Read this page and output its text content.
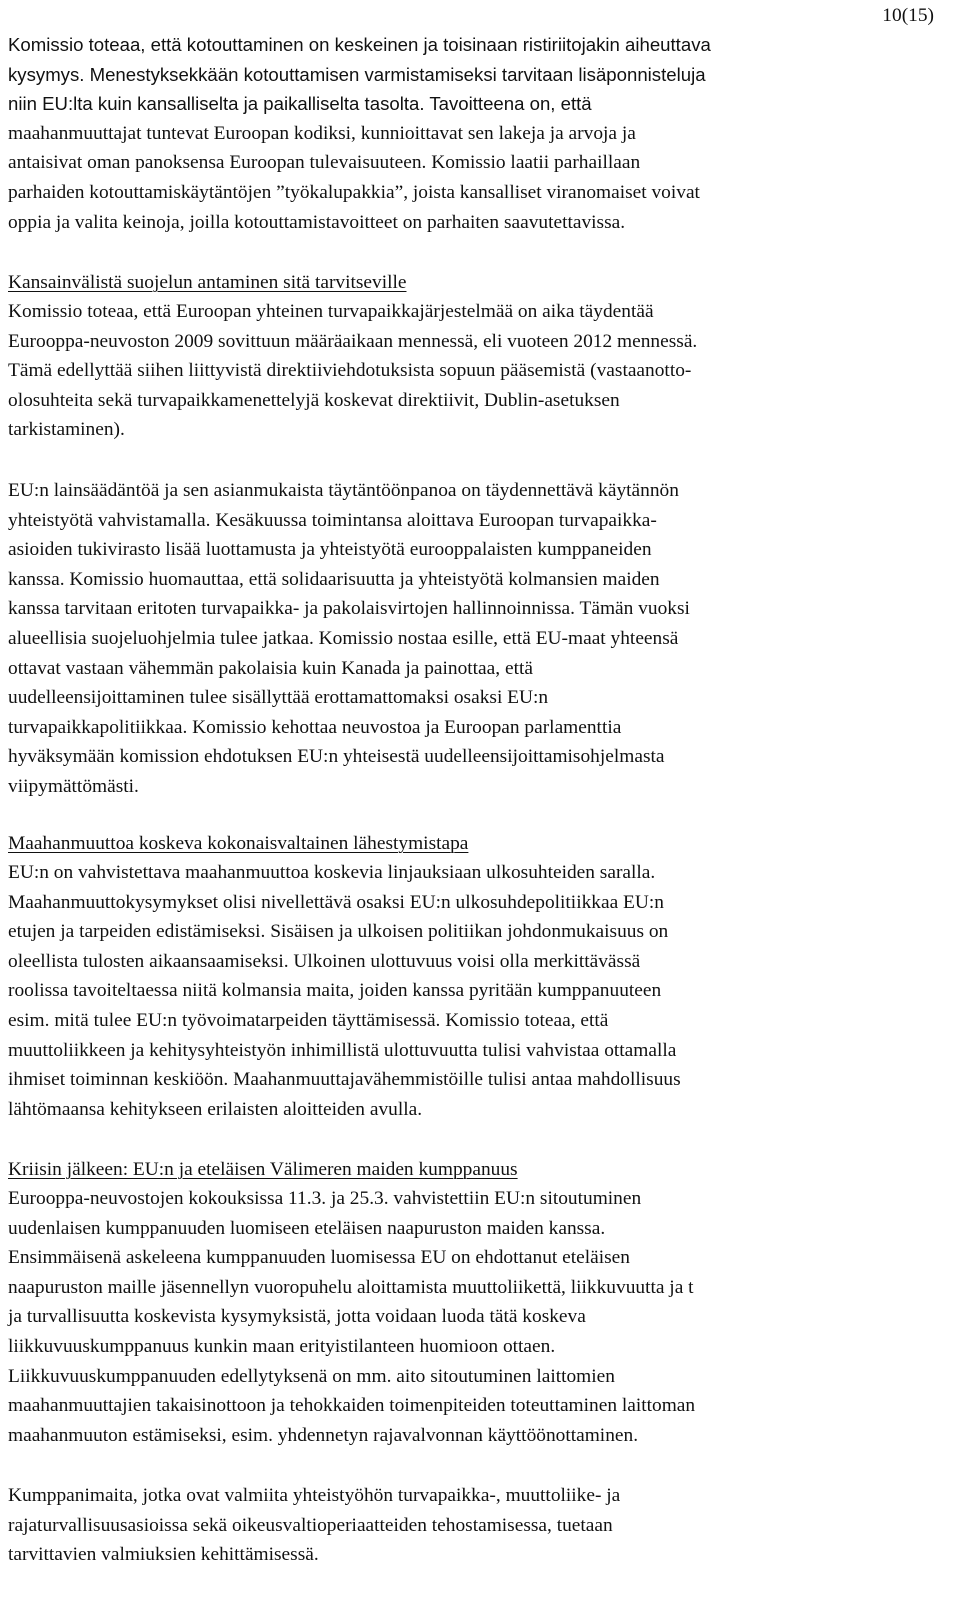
10(15)
Komissio toteaa, että kotouttaminen on keskeinen ja toisinaan ristiriitojakin aiheuttava
kysymys. Menestyksekkään kotouttamisen varmistamiseksi tarvitaan lisäponnisteluja
niin EU:lta kuin kansalliselta ja paikalliselta tasolta. Tavoitteena on, että
maahanmuuttajat tuntevat Euroopan kodiksi, kunnioittavat sen lakeja ja arvoja ja
antaisivat oman panoksensa Euroopan tulevaisuuteen. Komissio laatii parhaillaan
parhaiden kotouttamiskäytäntöjen ”työkalupakkia”, joista kansalliset viranomaiset voivat
oppia ja valita keinoja, joilla kotouttamistavoitteet on parhaiten saavutettavissa.
Kansainvälistä suojelun antaminen sitä tarvitseville
Komissio toteaa, että Euroopan yhteinen turvapaikkajärjestelmää on aika täydentää
Eurooppa-neuvoston 2009 sovittuun määräaikaan mennessä, eli vuoteen 2012 mennessä.
Tämä edellyttää siihen liittyvistä direktiiviehdotuksista sopuun pääsemistä (vastaanotto-
olosuhteita sekä turvapaikkamenettelyjä koskevat direktiivit, Dublin-asetuksen
tarkistaminen).
EU:n lainsäädäntöä ja sen asianmukaista täytäntöönpanoa on täydennettävä käytännön
yhteistyötä vahvistamalla. Kesäkuussa toimintansa aloittava Euroopan turvapaikka-
asioiden tukivirasto lisää luottamusta ja yhteistyötä eurooppalaisten kumppaneiden
kanssa. Komissio huomauttaa, että solidaarisuutta ja yhteistyötä kolmansien maiden
kanssa tarvitaan eritoten turvapaikka- ja pakolaisvirtojen hallinnoinnissa. Tämän vuoksi
alueellisia suojeluohjelmia tulee jatkaa. Komissio nostaa esille, että EU-maat yhteensä
ottavat vastaan vähemmän pakolaisia kuin Kanada ja painottaa, että
uudelleensijoittaminen tulee sisällyttää erottamattomaksi osaksi EU:n
turvapaikkapolitiikkaa. Komissio kehottaa neuvostoa ja Euroopan parlamenttia
hyväksymään komission ehdotuksen EU:n yhteisestä uudelleensijoittamisohjelmasta
viipymättömästi.
Maahanmuuttoa koskeva kokonaisvaltainen lähestymistapa
EU:n on vahvistettava maahanmuuttoa koskevia linjauksiaan ulkosuhteiden saralla.
Maahanmuuttokysymykset olisi nivellettävä osaksi EU:n ulkosuhdepolitiikkaa EU:n
etujen ja tarpeiden edistämiseksi. Sisäisen ja ulkoisen politiikan johdonmukaisuus on
oleellista tulosten aikaansaamiseksi. Ulkoinen ulottuvuus voisi olla merkittävässä
roolissa tavoiteltaessa niitä kolmansia maita, joiden kanssa pyritään kumppanuuteen
esim. mitä tulee EU:n työvoimatarpeiden täyttämisessä. Komissio toteaa, että
muuttoliikkeen ja kehitysyhteistyön inhimillistä ulottuvuutta tulisi vahvistaa ottamalla
ihmiset toiminnan keskiöön. Maahanmuuttajavähemmistöille tulisi antaa mahdollisuus
lähtömaansa kehitykseen erilaisten aloitteiden avulla.
Kriisin jälkeen: EU:n ja eteläisen Välimeren maiden kumppanuus
Eurooppa-neuvostojen kokouksissa 11.3. ja 25.3. vahvistettiin EU:n sitoutuminen
uudenlaisen kumppanuuden luomiseen eteläisen naapuruston maiden kanssa.
Ensimmäisenä askeleena kumppanuuden luomisessa EU on ehdottanut eteläisen
naapuruston maille jäsennellyn vuoropuhelu aloittamista muuttoliikettä, liikkuvuutta ja t
ja turvallisuutta koskevista kysymyksistä, jotta voidaan luoda tätä koskeva
liikkuvuuskumppanuus kunkin maan erityistilanteen huomioon ottaen.
Liikkuvuuskumppanuuden edellytyksenä on mm. aito sitoutuminen laittomien
maahanmuuttajien takaisinottoon ja tehokkaiden toimenpiteiden toteuttaminen laittoman
maahanmuuton estämiseksi, esim. yhdennetyn rajavalvonnan käyttöönottaminen.
Kumppanimaita, jotka ovat valmiita yhteistyöhön turvapaikka-, muuttoliike- ja
rajaturvallisuusasioissa sekä oikeusvaltioperiaatteiden tehostamisessa, tuetaan
tarvittavien valmiuksien kehittämisessä.
